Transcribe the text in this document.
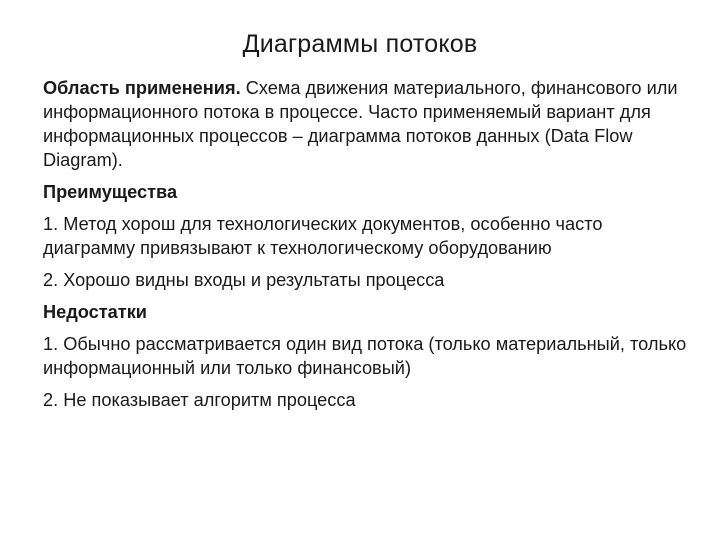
Диаграммы потоков

Область применения. Схема движения материального, финансового или информационного потока в процессе. Часто применяемый вариант для информационных процессов – диаграмма потоков данных (Data Flow Diagram).

Преимущества

1. Метод хорош для технологических документов, особенно часто диаграмму привязывают к технологическому оборудованию

2. Хорошо видны входы и результаты процесса

Недостатки

1. Обычно рассматривается один вид потока (только материальный, только информационный или только финансовый)

2. Не показывает алгоритм процесса
